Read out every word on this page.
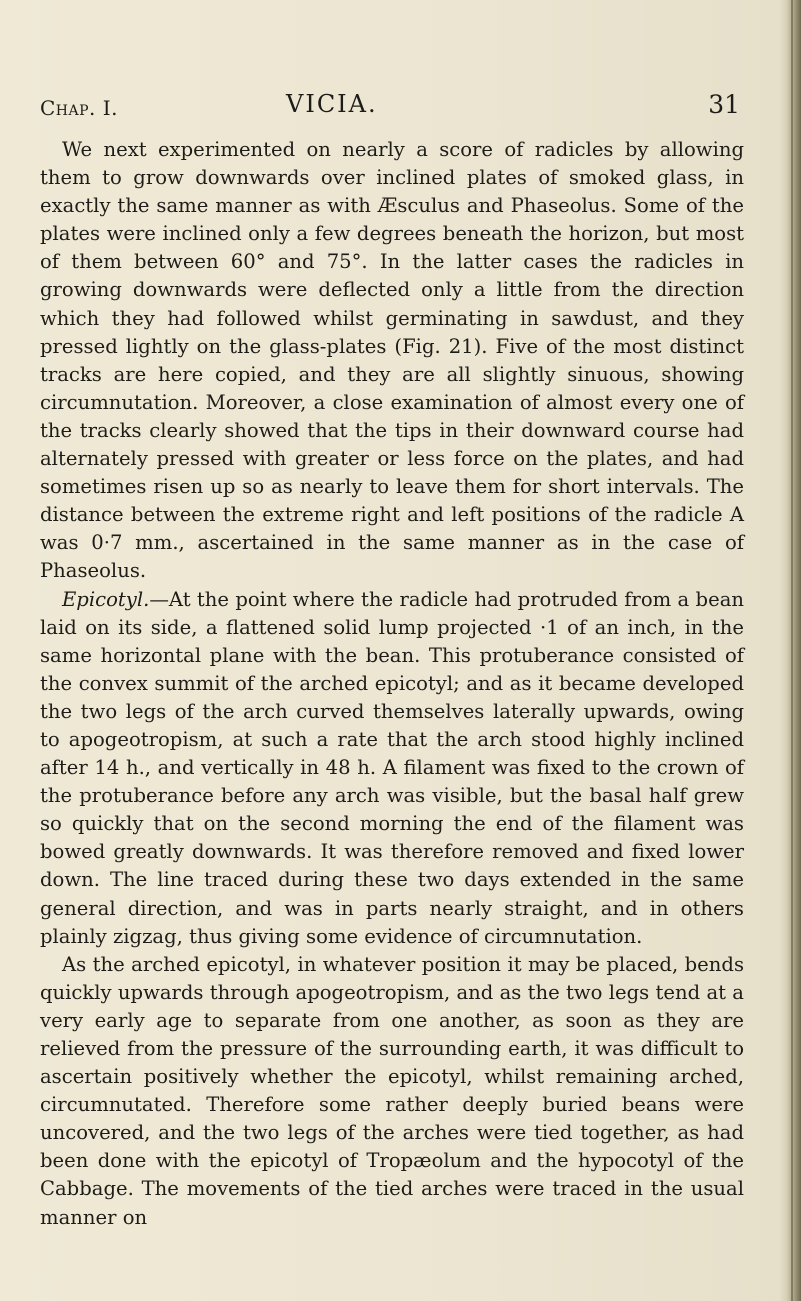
Chap. I.	VICIA.	31

We next experimented on nearly a score of radicles by allowing them to grow downwards over inclined plates of smoked glass, in exactly the same manner as with Æsculus and Phaseolus. Some of the plates were inclined only a few degrees beneath the horizon, but most of them between 60° and 75°. In the latter cases the radicles in growing downwards were deflected only a little from the direction which they had followed whilst germinating in sawdust, and they pressed lightly on the glass-plates (Fig. 21). Five of the most distinct tracks are here copied, and they are all slightly sinuous, showing circumnutation. Moreover, a close examination of almost every one of the tracks clearly showed that the tips in their downward course had alternately pressed with greater or less force on the plates, and had sometimes risen up so as nearly to leave them for short intervals. The distance between the extreme right and left positions of the radicle A was 0·7 mm., ascertained in the same manner as in the case of Phaseolus.

Epicotyl.—At the point where the radicle had protruded from a bean laid on its side, a flattened solid lump projected ·1 of an inch, in the same horizontal plane with the bean. This protuberance consisted of the convex summit of the arched epicotyl; and as it became developed the two legs of the arch curved themselves laterally upwards, owing to apogeotropism, at such a rate that the arch stood highly inclined after 14 h., and vertically in 48 h. A filament was fixed to the crown of the protuberance before any arch was visible, but the basal half grew so quickly that on the second morning the end of the filament was bowed greatly downwards. It was therefore removed and fixed lower down. The line traced during these two days extended in the same general direction, and was in parts nearly straight, and in others plainly zigzag, thus giving some evidence of circumnutation.

As the arched epicotyl, in whatever position it may be placed, bends quickly upwards through apogeotropism, and as the two legs tend at a very early age to separate from one another, as soon as they are relieved from the pressure of the surrounding earth, it was difficult to ascertain positively whether the epicotyl, whilst remaining arched, circumnutated. Therefore some rather deeply buried beans were uncovered, and the two legs of the arches were tied together, as had been done with the epicotyl of Tropæolum and the hypocotyl of the Cabbage. The movements of the tied arches were traced in the usual manner on
